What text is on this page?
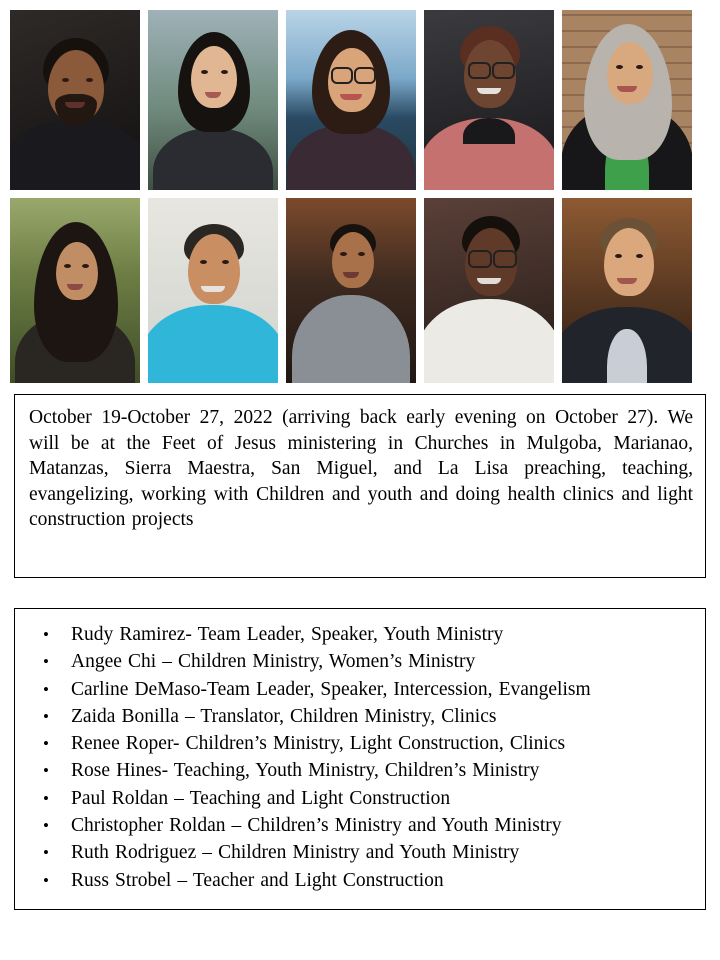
October 19-October 27, 2022 (arriving back early evening on October 27). We will be at the Feet of Jesus ministering in Churches in Mulgoba, Marianao, Matanzas, Sierra Maestra, San Miguel, and La Lisa preaching, teaching, evangelizing, working with Children and youth and doing health clinics and light construction projects

• Rudy Ramirez- Team Leader, Speaker, Youth Ministry
• Angee Chi – Children Ministry, Women’s Ministry
• Carline DeMaso-Team Leader, Speaker, Intercession, Evangelism
• Zaida Bonilla – Translator, Children Ministry, Clinics
• Renee Roper- Children’s Ministry, Light Construction, Clinics
• Rose Hines- Teaching, Youth Ministry, Children’s Ministry
• Paul Roldan – Teaching and Light Construction
• Christopher Roldan – Children’s Ministry and Youth Ministry
• Ruth Rodriguez – Children Ministry and Youth Ministry
• Russ Strobel – Teacher and Light Construction
